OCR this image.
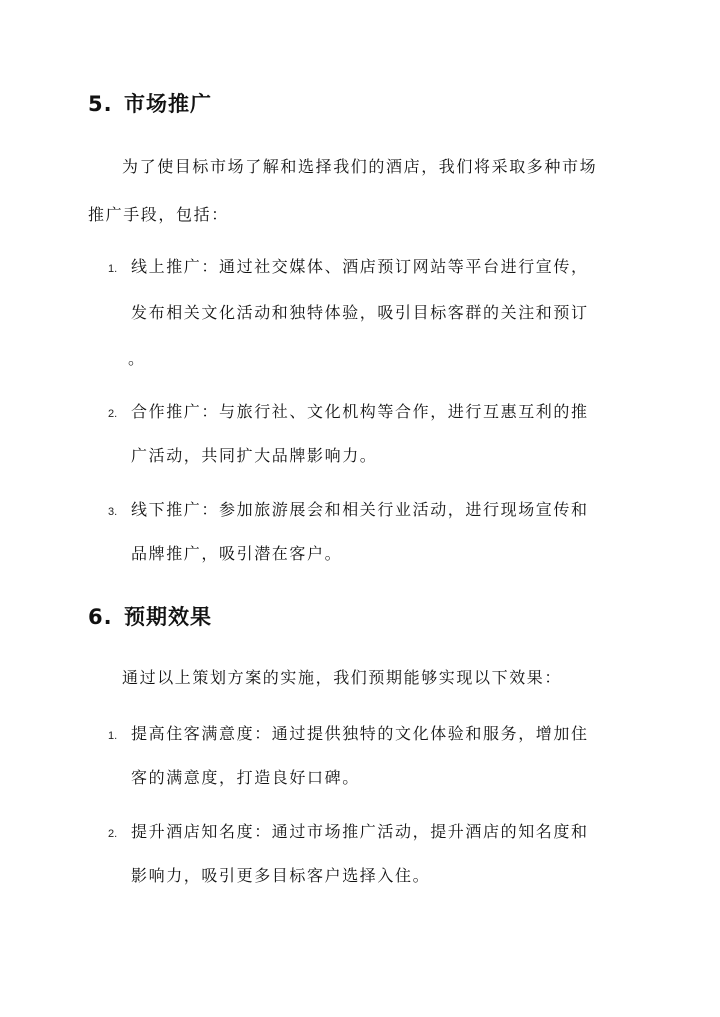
5. 市场推广
为了使目标市场了解和选择我们的酒店，我们将采取多种市场
推广手段，包括：
1. 线上推广：通过社交媒体、酒店预订网站等平台进行宣传，
发布相关文化活动和独特体验，吸引目标客群的关注和预订
。
2. 合作推广：与旅行社、文化机构等合作，进行互惠互利的推
广活动，共同扩大品牌影响力。
3. 线下推广：参加旅游展会和相关行业活动，进行现场宣传和
品牌推广，吸引潜在客户。
6. 预期效果
通过以上策划方案的实施，我们预期能够实现以下效果：
1. 提高住客满意度：通过提供独特的文化体验和服务，增加住
客的满意度，打造良好口碑。
2. 提升酒店知名度：通过市场推广活动，提升酒店的知名度和
影响力，吸引更多目标客户选择入住。
